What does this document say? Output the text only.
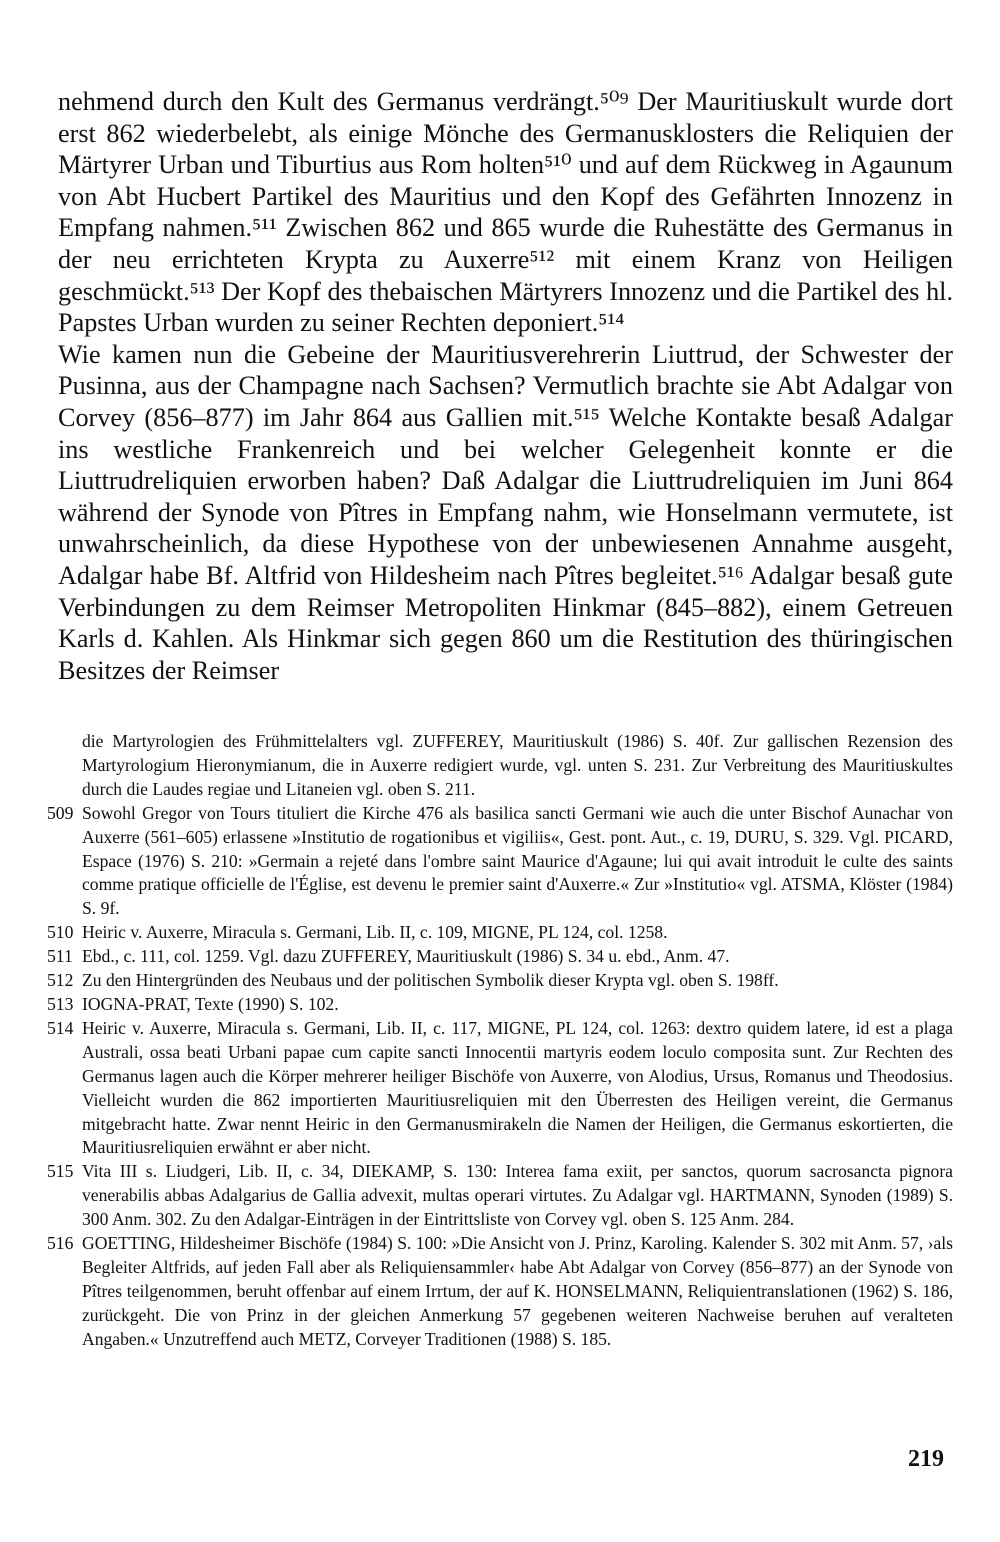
nehmend durch den Kult des Germanus verdrängt.⁵⁰⁹ Der Mauritiuskult wurde dort erst 862 wiederbelebt, als einige Mönche des Germanusklosters die Reliquien der Märtyrer Urban und Tiburtius aus Rom holten⁵¹⁰ und auf dem Rückweg in Agaunum von Abt Hucbert Partikel des Mauritius und den Kopf des Gefährten Innozenz in Empfang nahmen.⁵¹¹ Zwischen 862 und 865 wurde die Ruhestätte des Germanus in der neu errichteten Krypta zu Auxerre⁵¹² mit einem Kranz von Heiligen geschmückt.⁵¹³ Der Kopf des thebaischen Märtyrers Innozenz und die Partikel des hl. Papstes Urban wurden zu seiner Rechten deponiert.⁵¹⁴

Wie kamen nun die Gebeine der Mauritiusverehrerin Liuttrud, der Schwester der Pusinna, aus der Champagne nach Sachsen? Vermutlich brachte sie Abt Adalgar von Corvey (856–877) im Jahr 864 aus Gallien mit.⁵¹⁵ Welche Kontakte besaß Adalgar ins westliche Frankenreich und bei welcher Gelegenheit konnte er die Liuttrudreliquien erworben haben? Daß Adalgar die Liuttrudreliquien im Juni 864 während der Synode von Pîtres in Empfang nahm, wie Honselmann vermutete, ist unwahrscheinlich, da diese Hypothese von der unbewiesenen Annahme ausgeht, Adalgar habe Bf. Altfrid von Hildesheim nach Pîtres begleitet.⁵¹⁶ Adalgar besaß gute Verbindungen zu dem Reimser Metropoliten Hinkmar (845–882), einem Getreuen Karls d. Kahlen. Als Hinkmar sich gegen 860 um die Restitution des thüringischen Besitzes der Reimser

die Martyrologien des Frühmittelalters vgl. ZUFFEREY, Mauritiuskult (1986) S. 40f. Zur gallischen Rezension des Martyrologium Hieronymianum, die in Auxerre redigiert wurde, vgl. unten S. 231. Zur Verbreitung des Mauritiuskultes durch die Laudes regiae und Litaneien vgl. oben S. 211.
509 Sowohl Gregor von Tours tituliert die Kirche 476 als basilica sancti Germani wie auch die unter Bischof Aunachar von Auxerre (561–605) erlassene »Institutio de rogationibus et vigiliis«, Gest. pont. Aut., c. 19, DURU, S. 329. Vgl. PICARD, Espace (1976) S. 210: »Germain a rejeté dans l'ombre saint Maurice d'Agaune; lui qui avait introduit le culte des saints comme pratique officielle de l'Église, est devenu le premier saint d'Auxerre.« Zur »Institutio« vgl. ATSMA, Klöster (1984) S. 9f.
510 Heiric v. Auxerre, Miracula s. Germani, Lib. II, c. 109, MIGNE, PL 124, col. 1258.
511 Ebd., c. 111, col. 1259. Vgl. dazu ZUFFEREY, Mauritiuskult (1986) S. 34 u. ebd., Anm. 47.
512 Zu den Hintergründen des Neubaus und der politischen Symbolik dieser Krypta vgl. oben S. 198ff.
513 IOGNA-PRAT, Texte (1990) S. 102.
514 Heiric v. Auxerre, Miracula s. Germani, Lib. II, c. 117, MIGNE, PL 124, col. 1263: dextro quidem latere, id est a plaga Australi, ossa beati Urbani papae cum capite sancti Innocentii martyris eodem loculo composita sunt. Zur Rechten des Germanus lagen auch die Körper mehrerer heiliger Bischöfe von Auxerre, von Alodius, Ursus, Romanus und Theodosius. Vielleicht wurden die 862 importierten Mauritiusreliquien mit den Überresten des Heiligen vereint, die Germanus mitgebracht hatte. Zwar nennt Heiric in den Germanusmirakeln die Namen der Heiligen, die Germanus eskortierten, die Mauritiusreliquien erwähnt er aber nicht.
515 Vita III s. Liudgeri, Lib. II, c. 34, DIEKAMP, S. 130: Interea fama exiit, per sanctos, quorum sacrosancta pignora venerabilis abbas Adalgarius de Gallia advexit, multas operari virtutes. Zu Adalgar vgl. HARTMANN, Synoden (1989) S. 300 Anm. 302. Zu den Adalgar-Einträgen in der Eintrittsliste von Corvey vgl. oben S. 125 Anm. 284.
516 GOETTING, Hildesheimer Bischöfe (1984) S. 100: »Die Ansicht von J. Prinz, Karoling. Kalender S. 302 mit Anm. 57, ›als Begleiter Altfrids, auf jeden Fall aber als Reliquiensammler‹ habe Abt Adalgar von Corvey (856–877) an der Synode von Pîtres teilgenommen, beruht offenbar auf einem Irrtum, der auf K. HONSELMANN, Reliquientranslationen (1962) S. 186, zurückgeht. Die von Prinz in der gleichen Anmerkung 57 gegebenen weiteren Nachweise beruhen auf veralteten Angaben.« Unzutreffend auch METZ, Corveyer Traditionen (1988) S. 185.
219
